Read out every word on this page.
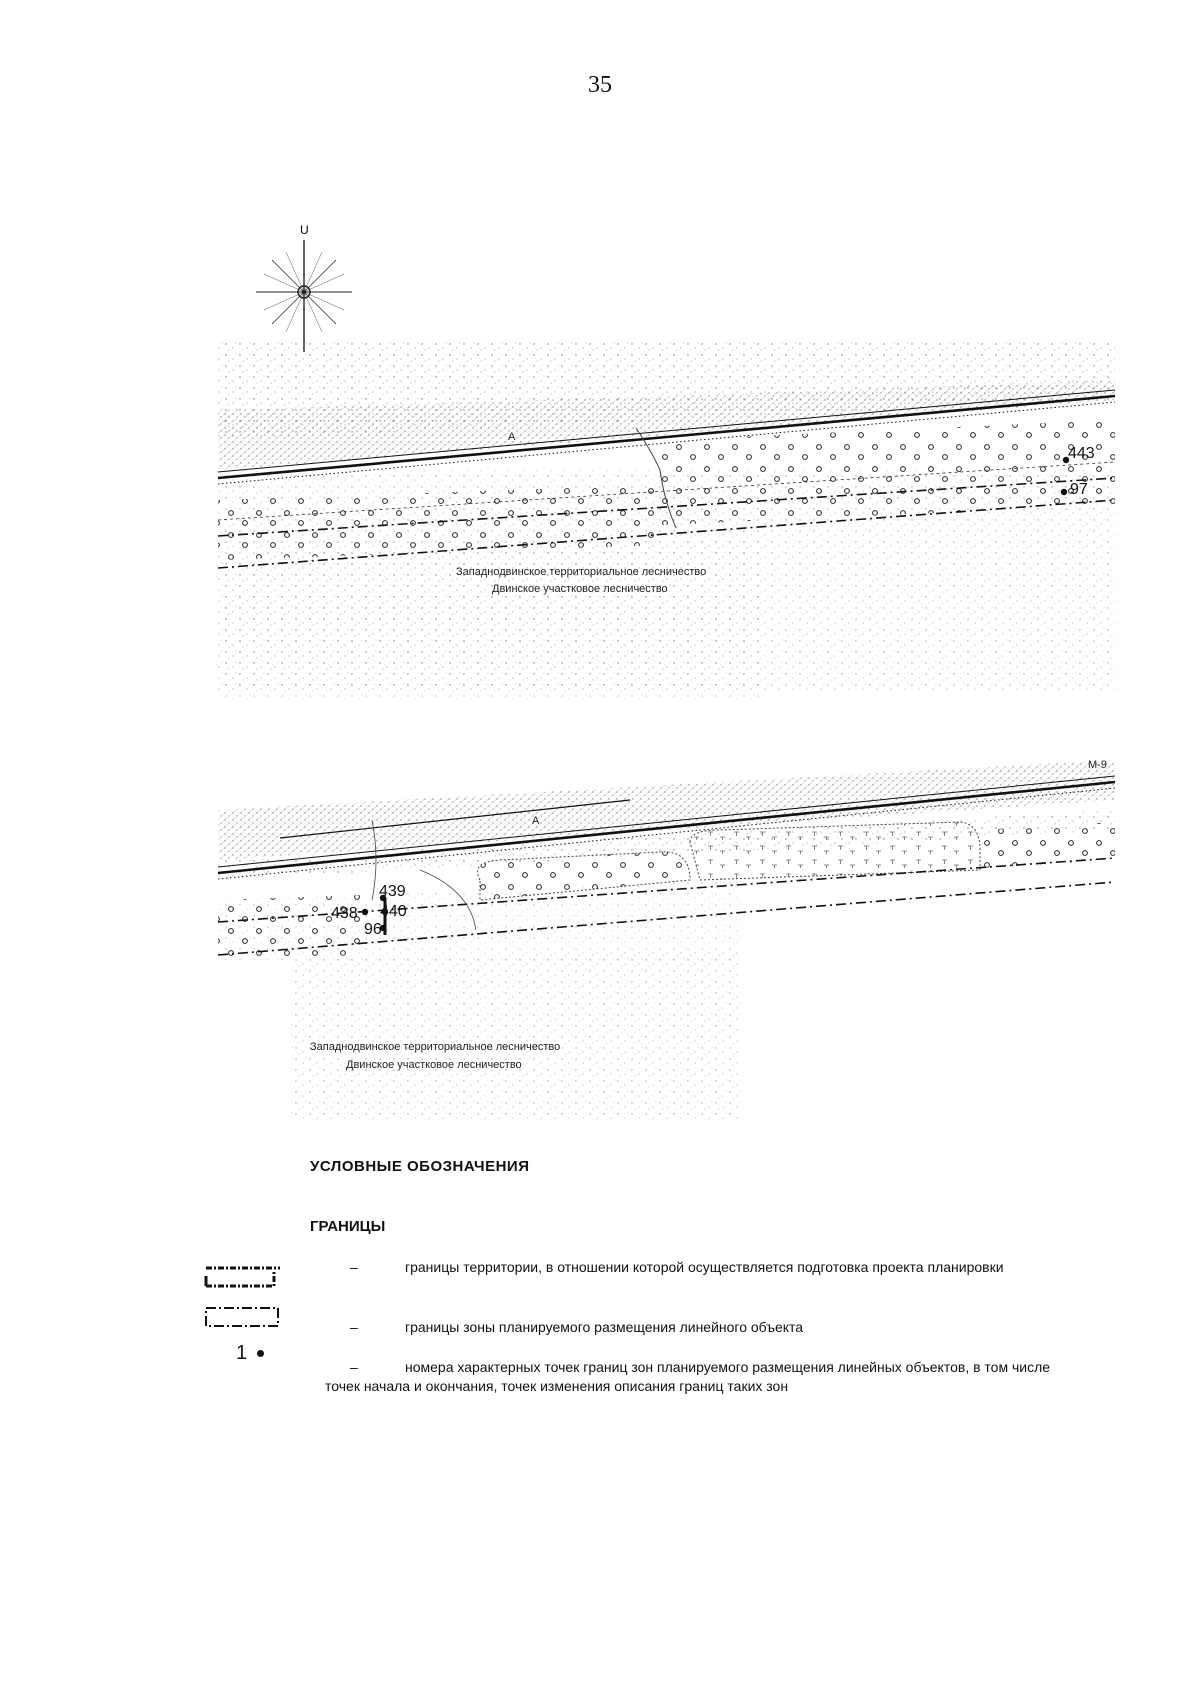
35
U
A
Западнодвинское территориальное лесничество
Двинское участковое лесничество
443
97
A
М-9
Западнодвинское территориальное лесничество
Двинское участковое лесничество
439
440
438
96
УСЛОВНЫЕ ОБОЗНАЧЕНИЯ
ГРАНИЦЫ
–	границы территории, в отношении которой осуществляется подготовка проекта планировки
–	границы зоны планируемого размещения линейного объекта
1
–	номера характерных точек границ зон планируемого размещения линейных объектов, в том числе точек начала и окончания, точек изменения описания границ таких зон
